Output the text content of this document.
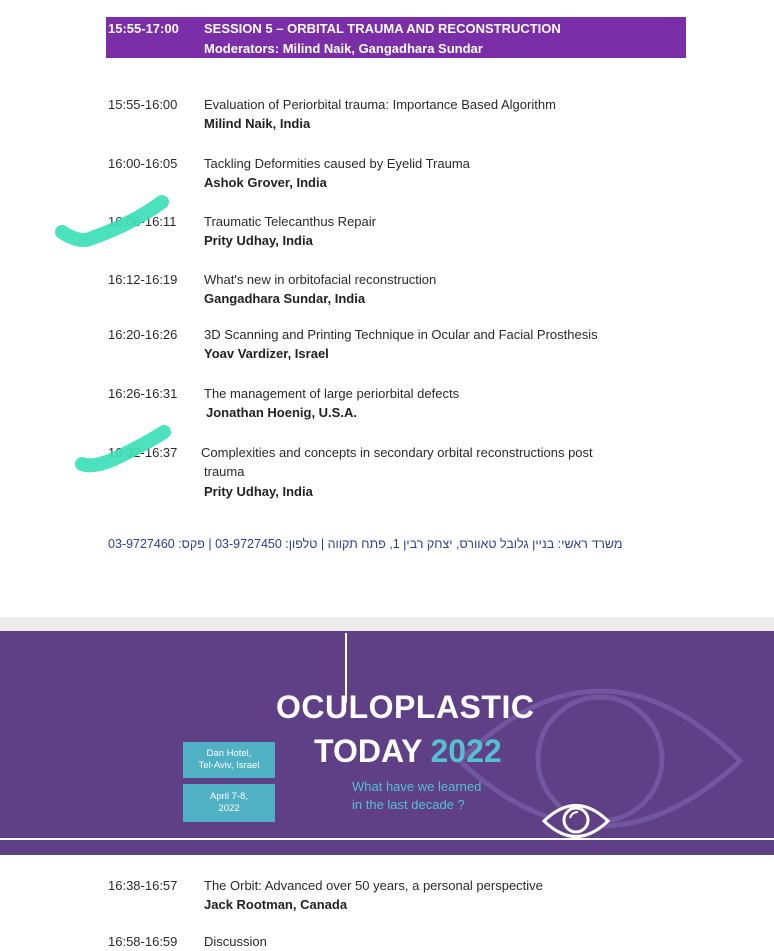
15:55-17:00 SESSION 5 – ORBITAL TRAUMA AND RECONSTRUCTION
Moderators: Milind Naik, Gangadhara Sundar
15:55-16:00 Evaluation of Periorbital trauma: Importance Based Algorithm
Milind Naik, India
16:00-16:05 Tackling Deformities caused by Eyelid Trauma
Ashok Grover, India
16:06-16:11 Traumatic Telecanthus Repair
Prity Udhay, India
16:12-16:19 What's new in orbitofacial reconstruction
Gangadhara Sundar, India
16:20-16:26 3D Scanning and Printing Technique in Ocular and Facial Prosthesis
Yoav Vardizer, Israel
16:26-16:31 The management of large periorbital defects
Jonathan Hoenig, U.S.A.
16:32-16:37 Complexities and concepts in secondary orbital reconstructions post
trauma
Prity Udhay, India
משרד ראשי: בניין גלובל טאוורס, יצחק רבין 1, פתח תקווה | טלפון: 03-9727450 | פקס: 03-9727460
OCULOPLASTIC
TODAY 2022
What have we learned
in the last decade ?
Dan Hotel,
Tel-Aviv, Israel
April 7-8,
2022
16:38-16:57 The Orbit: Advanced over 50 years, a personal perspective
Jack Rootman, Canada
16:58-16:59 Discussion
